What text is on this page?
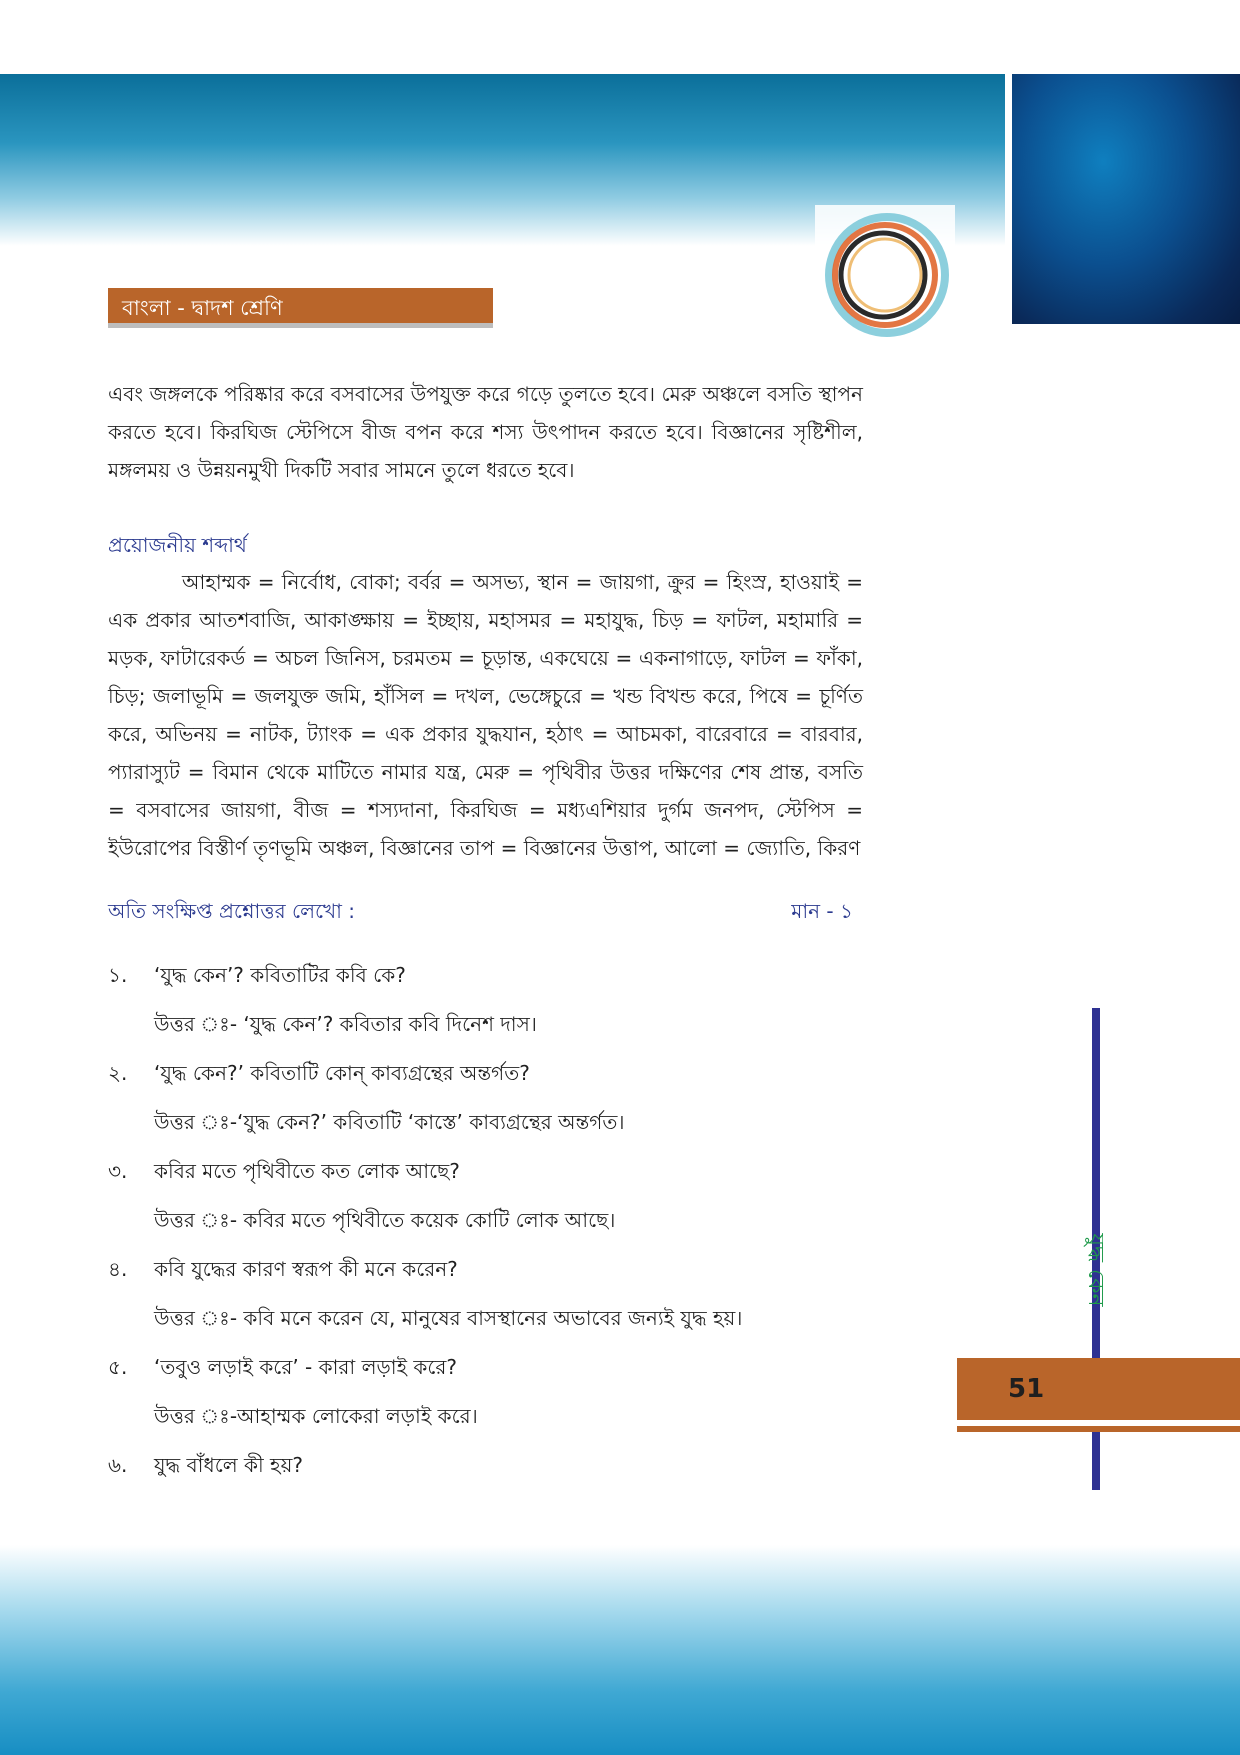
বাংলা - দ্বাদশ শ্রেণি

এবং জঙ্গলকে পরিষ্কার করে বসবাসের উপযুক্ত করে গড়ে তুলতে হবে। মেরু অঞ্চলে বসতি স্থাপন করতে হবে। কিরঘিজ স্টেপিসে বীজ বপন করে শস্য উৎপাদন করতে হবে। বিজ্ঞানের সৃষ্টিশীল, মঙ্গলময় ও উন্নয়নমুখী দিকটি সবার সামনে তুলে ধরতে হবে।

প্রয়োজনীয় শব্দার্থ

আহাম্মক = নির্বোধ, বোকা; বর্বর = অসভ্য, স্থান = জায়গা, ক্রুর = হিংস্র, হাওয়াই = এক প্রকার আতশবাজি, আকাঙ্ক্ষায় = ইচ্ছায়, মহাসমর = মহাযুদ্ধ, চিড় = ফাটল, মহামারি = মড়ক, ফাটারেকর্ড = অচল জিনিস, চরমতম = চূড়ান্ত, একঘেয়ে = একনাগাড়ে, ফাটল = ফাঁকা, চিড়; জলাভূমি = জলযুক্ত জমি, হাঁসিল = দখল, ভেঙ্গেচুরে = খন্ড বিখন্ড করে, পিষে = চূর্ণিত করে, অভিনয় = নাটক, ট্যাংক = এক প্রকার যুদ্ধযান, হঠাৎ = আচমকা, বারেবারে = বারবার, প্যারাস্যুট = বিমান থেকে মাটিতে নামার যন্ত্র, মেরু = পৃথিবীর উত্তর দক্ষিণের শেষ প্রান্ত, বসতি = বসবাসের জায়গা, বীজ = শস্যদানা, কিরঘিজ = মধ্যএশিয়ার দুর্গম জনপদ, স্টেপিস = ইউরোপের বিস্তীর্ণ তৃণভূমি অঞ্চল, বিজ্ঞানের তাপ = বিজ্ঞানের উত্তাপ, আলো = জ্যোতি, কিরণ

অতি সংক্ষিপ্ত প্রশ্নোত্তর লেখো :	মান - ১
১.	‘যুদ্ধ কেন’? কবিতাটির কবি কে?
উত্তর ঃ- ‘যুদ্ধ কেন’? কবিতার কবি দিনেশ দাস।
২.	‘যুদ্ধ কেন?’ কবিতাটি কোন্ কাব্যগ্রন্থের অন্তর্গত?
উত্তর ঃ-‘যুদ্ধ কেন?’ কবিতাটি ‘কাস্তে’ কাব্যগ্রন্থের অন্তর্গত।
৩.	কবির মতে পৃথিবীতে কত লোক আছে?
উত্তর ঃ- কবির মতে পৃথিবীতে কয়েক কোটি লোক আছে।
৪.	কবি যুদ্ধের কারণ স্বরূপ কী মনে করেন?
উত্তর ঃ- কবি মনে করেন যে, মানুষের বাসস্থানের অভাবের জন্যই যুদ্ধ হয়।
৫.	‘তবুও লড়াই করে’ - কারা লড়াই করে?
উত্তর ঃ-আহাম্মক লোকেরা লড়াই করে।
৬.	যুদ্ধ বাঁধলে কী হয়?
যুদ্ধ কেন
51
